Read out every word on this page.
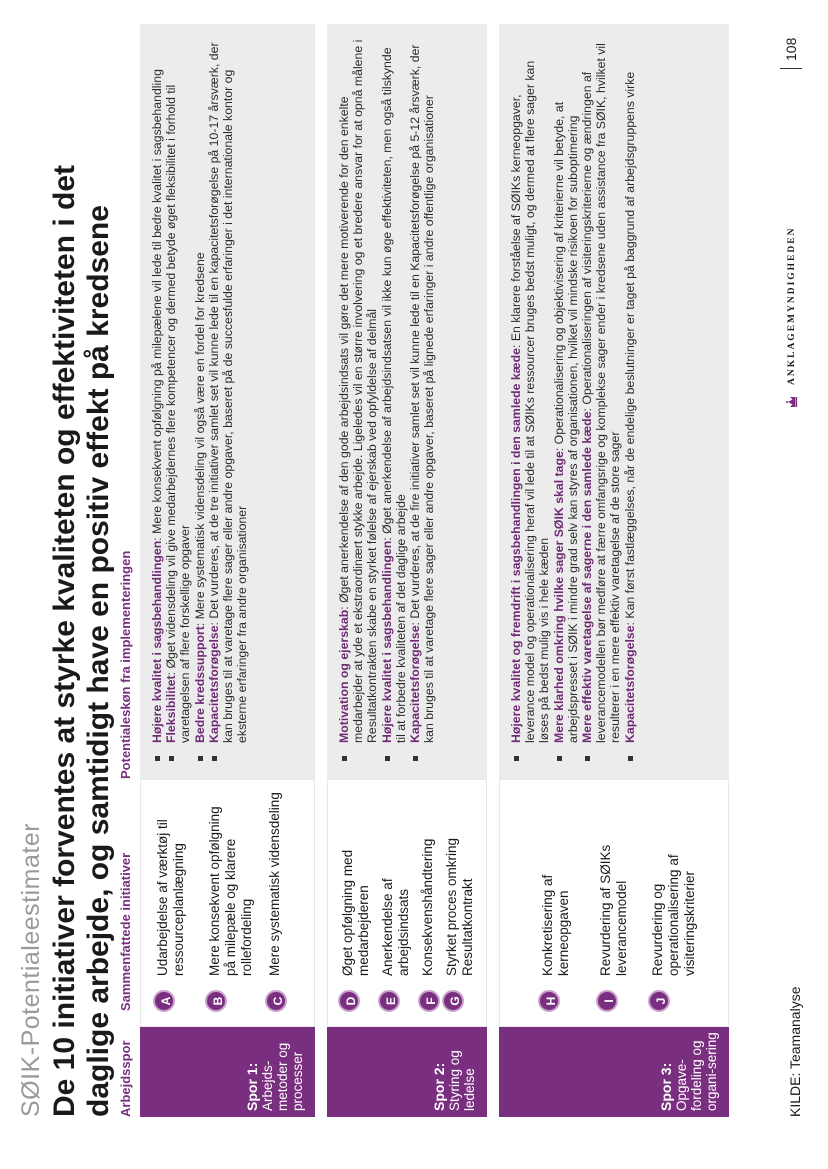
SØIK-Potentialeestimater De 10 initiativer forventes at styrke kvaliteten og effektiviteten i det daglige arbejde, og samtidigt have en positiv effekt på kredsene Arbejdsspor
Sammenfattede initiativer
Potentialeskøn fra implementeringen
Spor 1: Arbejds-metoder og processer
A
Udarbejdelse af værktøj til ressourceplanlægning
B
Mere konsekvent opfølgning på milepæle og klarere rollefordeling
C
Mere systematisk vidensdeling
Højere kvalitet i sagsbehandlingen: Mere konsekvent opfølgning på milepælene vil lede til bedre kvalitet i sagsbehandling
Fleksibilitet: Øget vidensdeling vil give medarbejdernes flere kompetencer og dermed betyde øget fleksibilitet i forhold til varetagelsen af flere forskellige opgaver Bedre kredssupport: Mere systematisk vidensdeling vil også være en fordel for kredsene
Kapacitetsforøgelse: Det vurderes, at de tre initiativer samlet set vil kunne lede til en kapacitetsforøgelse på 10-17 årsværk, der kan bruges til at varetage flere sager eller andre opgaver, baseret på de succesfulde erfaringer i det internationale kontor og eksterne erfaringer fra andre organisationer
Spor 2: Styring og ledelse
D
Øget opfølgning med medarbejderen
E
Anerkendelse af arbejdsindsats
F
Konsekvenshåndtering
G
Styrket proces omkring Resultatkontrakt
Motivation og ejerskab: Øget anerkendelse af den gode arbejdsindsats vil gøre det mere motiverende for den enkelte medarbejder at yde et ekstraordinært stykke arbejde. Ligeledes vil en større involvering og et bredere ansvar for at opnå målene i Resultatkontrakten skabe en styrket følelse af ejerskab ved opfyldelse af delmål Højere kvalitet i sagsbehandlingen: Øget anerkendelse af arbejdsindsatsen vil ikke kun øge effektiviteten, men også tilskynde til at forbedre kvaliteten af det daglige arbejde Kapacitetsforøgelse: Det vurderes, at de fire initiativer samlet set vil kunne lede til en Kapacitetsforøgelse på 5-12 årsværk, der kan bruges til at varetage flere sager eller andre opgaver, baseret på lignede erfaringer i andre offentlige organisationer
Spor 3: Opgave-fordeling og organi-sering
H
Konkretisering af kerneopgaven
I
Revurdering af SØIKs leverancemodel
J
Revurdering og operationalisering af visiteringskriterier
Højere kvalitet og fremdrift i sagsbehandlingen i den samlede kæde: En klarere forståelse af SØIKs kerneopgaver, leverance model og operationalisering heraf vil lede til at SØIKs ressourcer bruges bedst muligt, og dermed at flere sager kan løses på bedst mulig vis i hele kæden Mere klarhed omkring hvilke sager SØIK skal tage: Operationalisering og objektivisering af kriterierne vil betyde, at arbejdspresset i SØIK i mindre grad selv kan styres af organisationen, hvilket vil mindske risikoen for suboptimering Mere effektiv varetagelse af sagerne i den samlede kæde: Operationaliseringen af visiteringskriterierne og ændringen af leverancemodellen bør medføre at færre omfangsrige og komplekse sager ender i kredsene uden assistance fra SØIK, hvilket vil resulterer i en mere effektiv varetagelse af de store sager Kapacitetsforøgelse: Kan først fastlæggelses, når de endelige beslutninger er taget på baggrund af arbejdsgruppens virke
KILDE: Teamanalyse
ANKLAGEMYNDIGHEDEN
108
